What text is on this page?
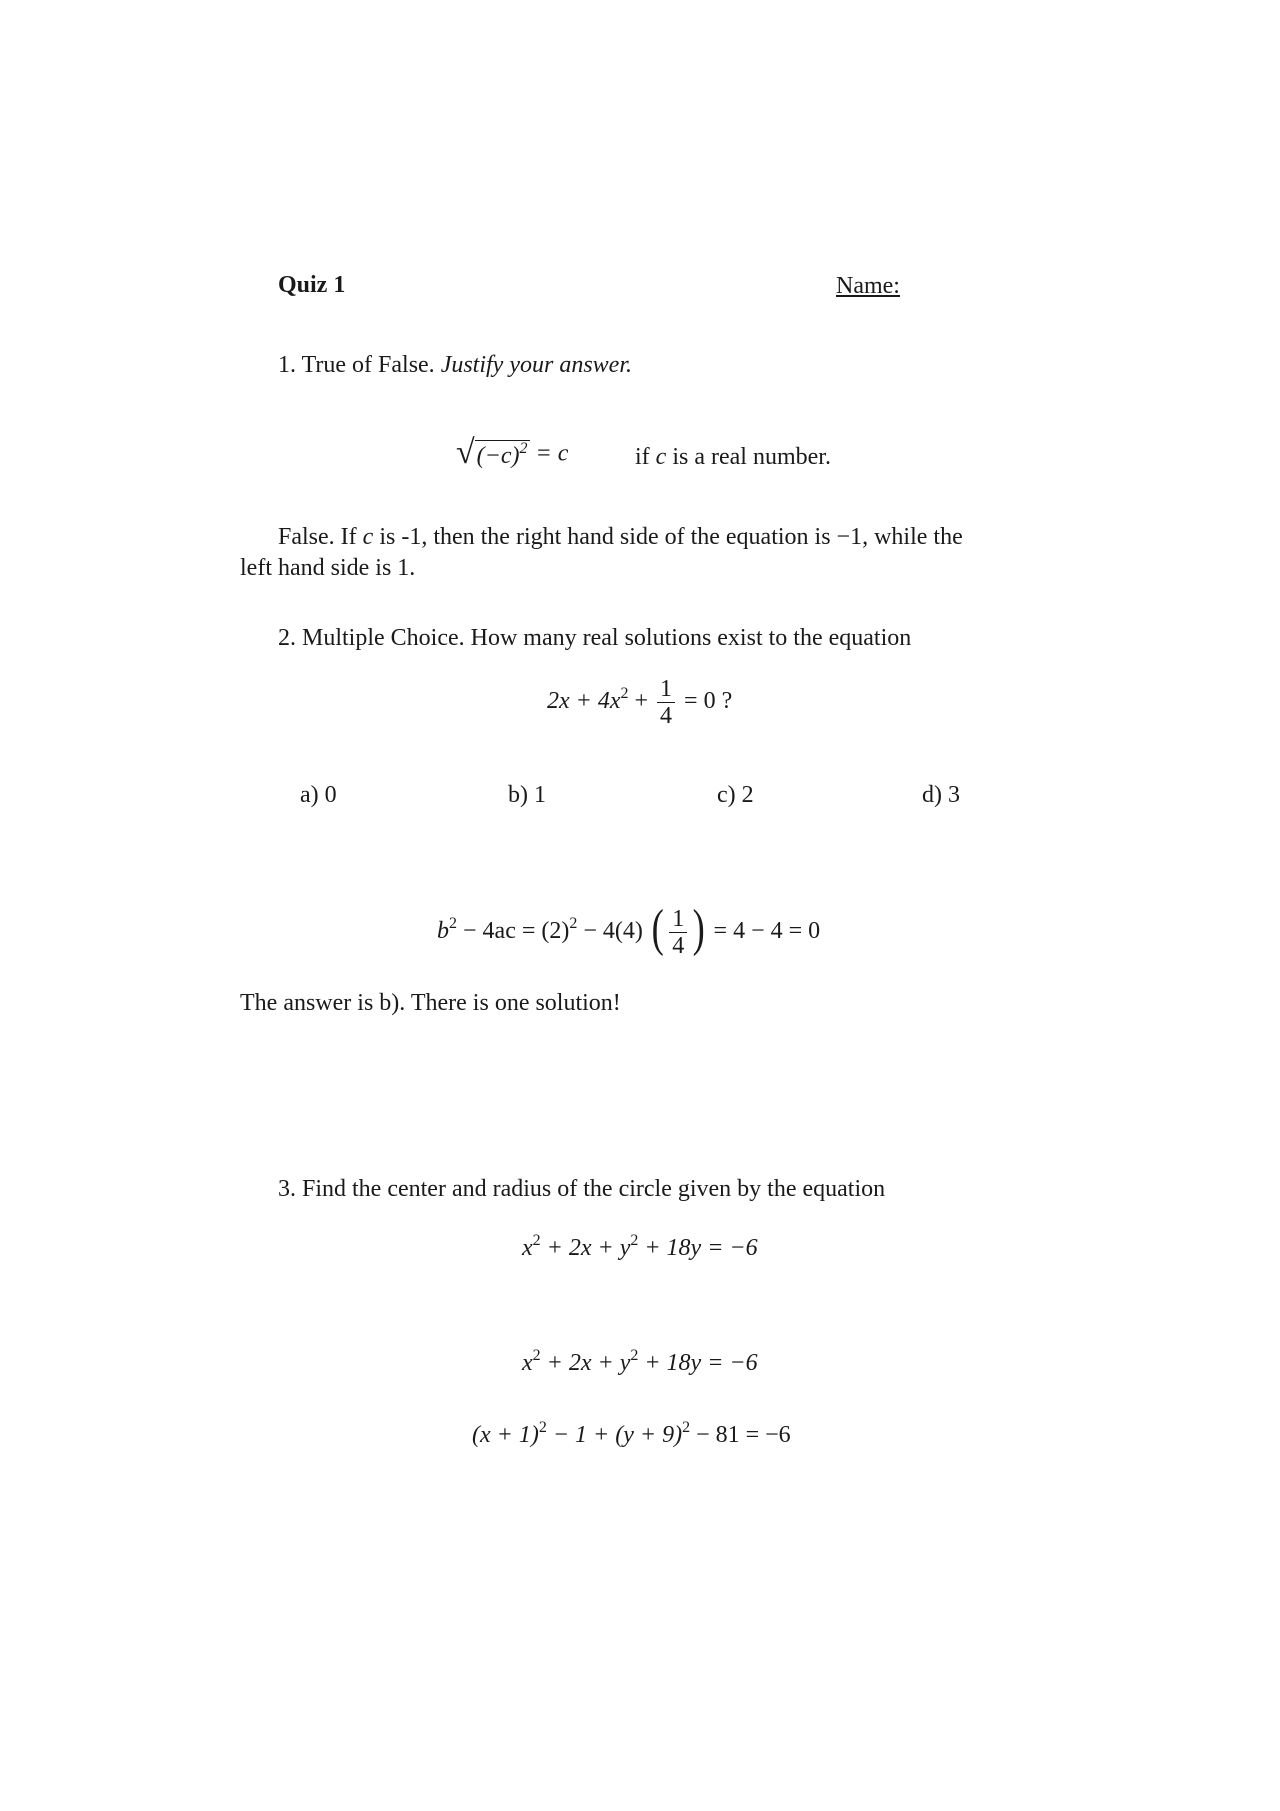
Quiz 1	Name:
1. True of False. Justify your answer.
$√(-c)^2 = c$	if c is a real number.
False. If c is -1, then the right hand side of the equation is −1, while the
left hand side is 1.
2. Multiple Choice. How many real solutions exist to the equation
$2x + 4x^2 + \frac{1}{4} = 0$ ?
a) 0	b) 1	c) 2	d) 3
$b^2 - 4ac = (2)^2 - 4(4)$ ( $\frac{1}{4}$ ) = 4 − 4 = 0
The answer is b). There is one solution!
3. Find the center and radius of the circle given by the equation
$x^2 + 2x + y^2 + 18y = -6$
$x^2 + 2x + y^2 + 18y = -6$
$(x + 1)^2 - 1 + (y + 9)^2 - 81 = -6$
